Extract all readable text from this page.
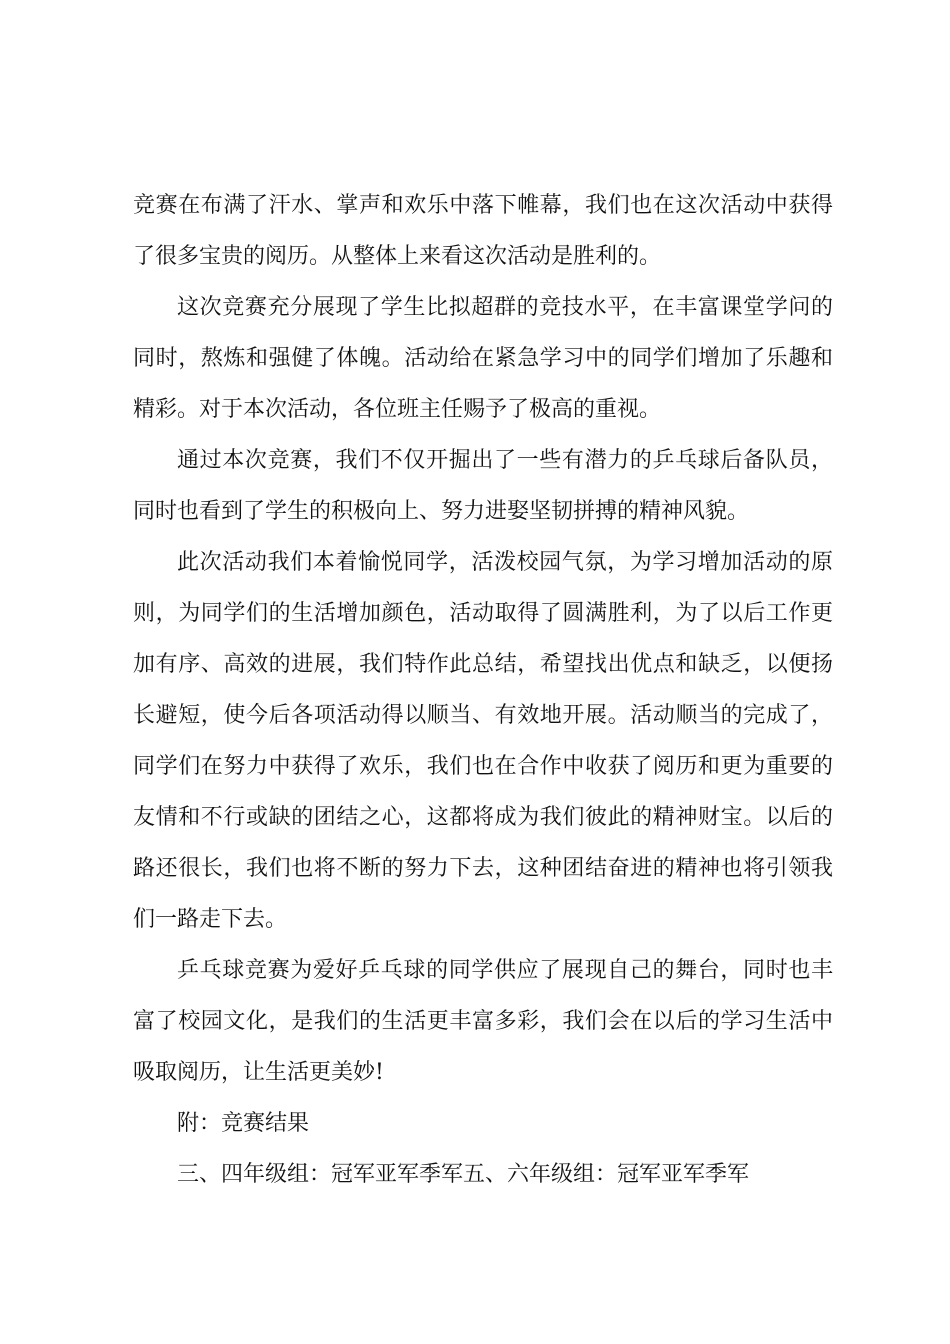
竞赛在布满了汗水、掌声和欢乐中落下帷幕，我们也在这次活动中获得了很多宝贵的阅历。从整体上来看这次活动是胜利的。

这次竞赛充分展现了学生比拟超群的竞技水平，在丰富课堂学问的同时，熬炼和强健了体魄。活动给在紧急学习中的同学们增加了乐趣和精彩。对于本次活动，各位班主任赐予了极高的重视。

通过本次竞赛，我们不仅开掘出了一些有潜力的乒乓球后备队员，同时也看到了学生的积极向上、努力进娶坚韧拼搏的精神风貌。

此次活动我们本着愉悦同学，活泼校园气氛，为学习增加活动的原则，为同学们的生活增加颜色，活动取得了圆满胜利，为了以后工作更加有序、高效的进展，我们特作此总结，希望找出优点和缺乏，以便扬长避短，使今后各项活动得以顺当、有效地开展。活动顺当的完成了，同学们在努力中获得了欢乐，我们也在合作中收获了阅历和更为重要的友情和不行或缺的团结之心，这都将成为我们彼此的精神财宝。以后的路还很长，我们也将不断的努力下去，这种团结奋进的精神也将引领我们一路走下去。

乒乓球竞赛为爱好乒乓球的同学供应了展现自己的舞台，同时也丰富了校园文化，是我们的生活更丰富多彩，我们会在以后的学习生活中吸取阅历，让生活更美妙!

附：竞赛结果

三、四年级组：冠军亚军季军五、六年级组：冠军亚军季军
